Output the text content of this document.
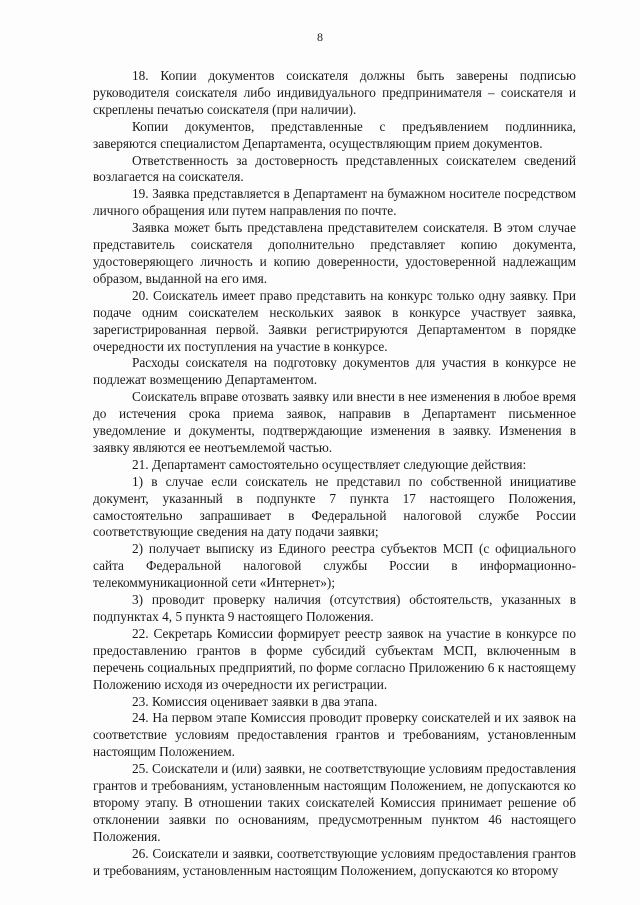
8

18. Копии документов соискателя должны быть заверены подписью руководителя соискателя либо индивидуального предпринимателя – соискателя и скреплены печатью соискателя (при наличии).

Копии документов, представленные с предъявлением подлинника, заверяются специалистом Департамента, осуществляющим прием документов.

Ответственность за достоверность представленных соискателем сведений возлагается на соискателя.

19. Заявка представляется в Департамент на бумажном носителе посредством личного обращения или путем направления по почте.

Заявка может быть представлена представителем соискателя. В этом случае представитель соискателя дополнительно представляет копию документа, удостоверяющего личность и копию доверенности, удостоверенной надлежащим образом, выданной на его имя.

20. Соискатель имеет право представить на конкурс только одну заявку. При подаче одним соискателем нескольких заявок в конкурсе участвует заявка, зарегистрированная первой. Заявки регистрируются Департаментом в порядке очередности их поступления на участие в конкурсе.

Расходы соискателя на подготовку документов для участия в конкурсе не подлежат возмещению Департаментом.

Соискатель вправе отозвать заявку или внести в нее изменения в любое время до истечения срока приема заявок, направив в Департамент письменное уведомление и документы, подтверждающие изменения в заявку. Изменения в заявку являются ее неотъемлемой частью.

21. Департамент самостоятельно осуществляет следующие действия:

1) в случае если соискатель не представил по собственной инициативе документ, указанный в подпункте 7 пункта 17 настоящего Положения, самостоятельно запрашивает в Федеральной налоговой службе России соответствующие сведения на дату подачи заявки;

2) получает выписку из Единого реестра субъектов МСП (с официального сайта Федеральной налоговой службы России в информационно-телекоммуникационной сети «Интернет»);

3) проводит проверку наличия (отсутствия) обстоятельств, указанных в подпунктах 4, 5 пункта 9 настоящего Положения.

22. Секретарь Комиссии формирует реестр заявок на участие в конкурсе по предоставлению грантов в форме субсидий субъектам МСП, включенным в перечень социальных предприятий, по форме согласно Приложению 6 к настоящему Положению исходя из очередности их регистрации.

23. Комиссия оценивает заявки в два этапа.

24. На первом этапе Комиссия проводит проверку соискателей и их заявок на соответствие условиям предоставления грантов и требованиям, установленным настоящим Положением.

25. Соискатели и (или) заявки, не соответствующие условиям предоставления грантов и требованиям, установленным настоящим Положением, не допускаются ко второму этапу. В отношении таких соискателей Комиссия принимает решение об отклонении заявки по основаниям, предусмотренным пунктом 46 настоящего Положения.

26. Соискатели и заявки, соответствующие условиям предоставления грантов и требованиям, установленным настоящим Положением, допускаются ко второму
